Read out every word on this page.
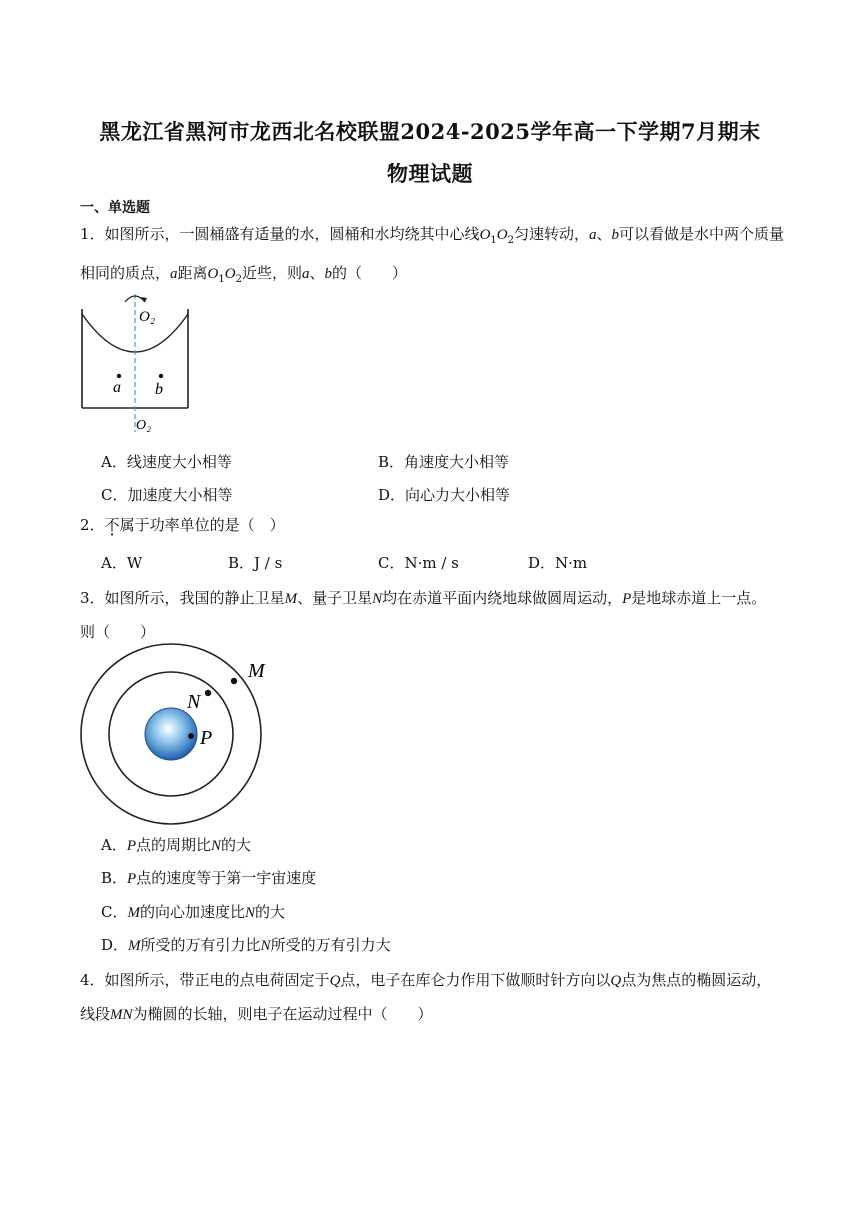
黑龙江省黑河市龙西北名校联盟2024-2025学年高一下学期7月期末
物理试题
一、单选题
1．如图所示，一圆桶盛有适量的水，圆桶和水均绕其中心线$O_1O_2$匀速转动，a、b可以看做是水中两个质量
相同的质点，a距离$O_1O_2$近些，则a、b的（　　）
O₂
O₂
a b
A．线速度大小相等	B．角速度大小相等
C．加速度大小相等	D．向心力大小相等
2．不属于功率单位的是（　）
A．W	B．J / s	C．N·m / s	D．N·m
3．如图所示，我国的静止卫星M、量子卫星N均在赤道平面内绕地球做圆周运动，P是地球赤道上一点。
则（　　）
M
N
P
A．P点的周期比N的大
B．P点的速度等于第一宇宙速度
C．M的向心加速度比N的大
D．M所受的万有引力比N所受的万有引力大
4．如图所示，带正电的点电荷固定于Q点，电子在库仑力作用下做顺时针方向以Q点为焦点的椭圆运动，
线段MN为椭圆的长轴，则电子在运动过程中（　　）
